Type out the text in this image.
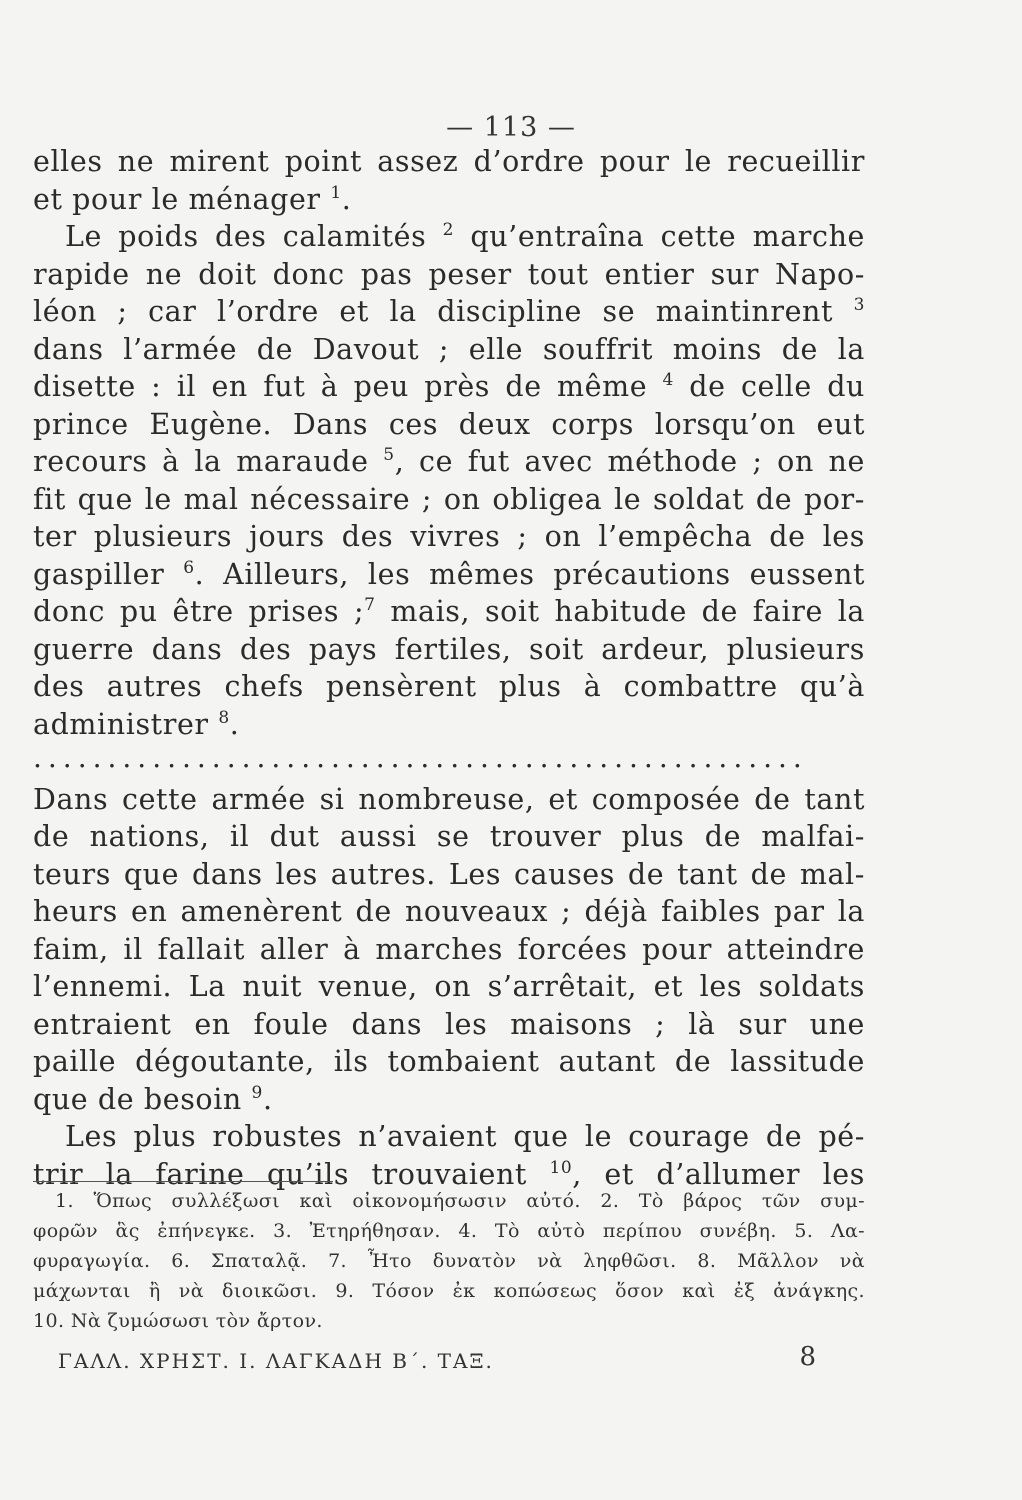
— 113 —
elles ne mirent point assez d’ordre pour le recueillir
et pour le ménager $^1$.
Le poids des calamités $^2$ qu’entraîna cette marche
rapide ne doit donc pas peser tout entier sur Napo-
léon ; car l’ordre et la discipline se maintinrent $^3$
dans l’armée de Davout ; elle souffrit moins de la
disette : il en fut à peu près de même $^4$ de celle du
prince Eugène. Dans ces deux corps lorsqu’on eut
recours à la maraude $^5$, ce fut avec méthode ; on ne
fit que le mal nécessaire ; on obligea le soldat de por-
ter plusieurs jours des vivres ; on l’empêcha de les
gaspiller $^6$. Ailleurs, les mêmes précautions eussent
donc pu être prises ;$^7$ mais, soit habitude de faire la
guerre dans des pays fertiles, soit ardeur, plusieurs
des autres chefs pensèrent plus à combattre qu’à
administrer $^8$.
....................................................
Dans cette armée si nombreuse, et composée de tant
de nations, il dut aussi se trouver plus de malfai-
teurs que dans les autres. Les causes de tant de mal-
heurs en amenèrent de nouveaux ; déjà faibles par la
faim, il fallait aller à marches forcées pour atteindre
l’ennemi. La nuit venue, on s’arrêtait, et les soldats
entraient en foule dans les maisons ; là sur une
paille dégoutante, ils tombaient autant de lassitude
que de besoin $^9$.
Les plus robustes n’avaient que le courage de pé-
trir la farine qu’ils trouvaient $^{10}$, et d’allumer les
1. Ὅπως συλλέξωσι καὶ οἰκονομήσωσιν αὐτό. 2. Τὸ βάρος τῶν συμ-
φορῶν ἃς ἐπήνεγκε. 3. Ἐτηρήθησαν. 4. Τὸ αὐτὸ περίπου συνέβη. 5. Λα-
φυραγωγία. 6. Σπαταλᾷ. 7. Ἦτο δυνατὸν νὰ ληφθῶσι. 8. Μᾶλλον νὰ
μάχωνται ἢ νὰ διοικῶσι. 9. Τόσον ἐκ κοπώσεως ὅσον καὶ ἐξ ἀνάγκης.
10. Νὰ ζυμώσωσι τὸν ἄρτον.
ΓΑΛΛ. ΧΡΗΣΤ. Ι. ΛΑΓΚΑΔΗ Β΄. ΤΑΞ.	8
